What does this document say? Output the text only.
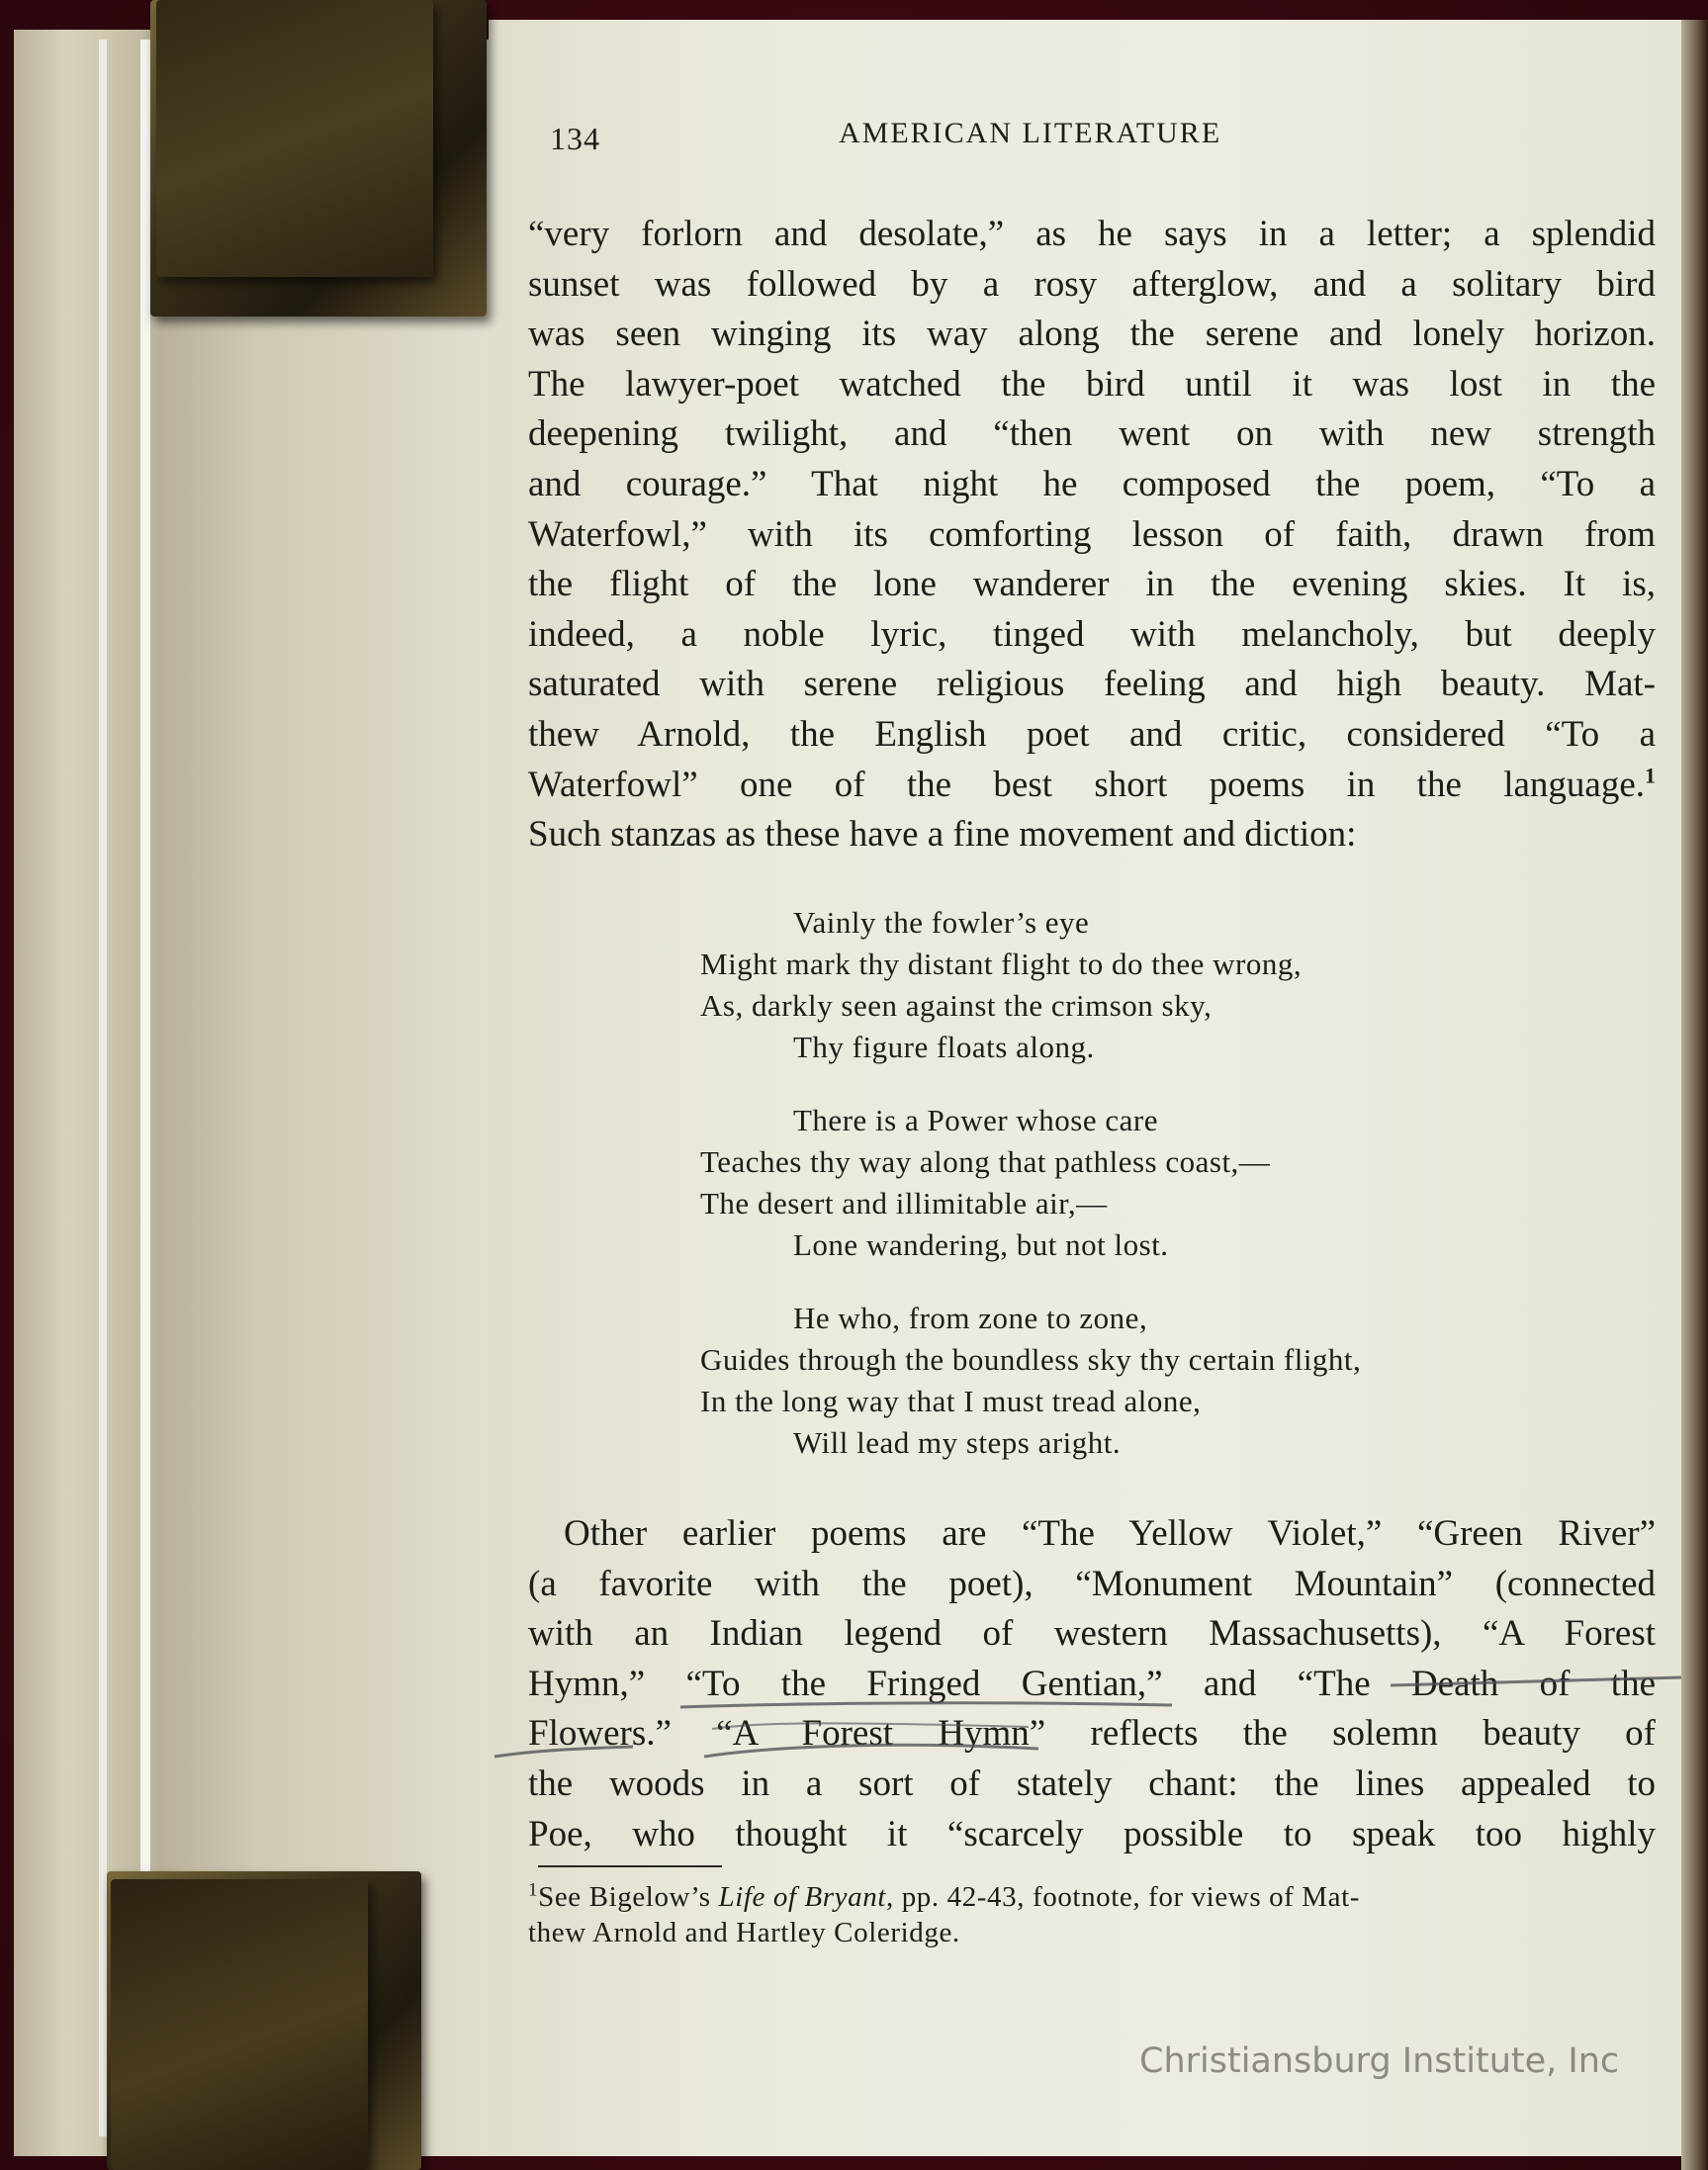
134	AMERICAN LITERATURE
“very forlorn and desolate,” as he says in a letter; a splendid
sunset was followed by a rosy afterglow, and a solitary bird
was seen winging its way along the serene and lonely horizon.
The lawyer-poet watched the bird until it was lost in the
deepening twilight, and “then went on with new strength
and courage.” That night he composed the poem, “To a
Waterfowl,” with its comforting lesson of faith, drawn from
the flight of the lone wanderer in the evening skies. It is,
indeed, a noble lyric, tinged with melancholy, but deeply
saturated with serene religious feeling and high beauty. Mat-
thew Arnold, the English poet and critic, considered “To a
Waterfowl” one of the best short poems in the language.$^1$
Such stanzas as these have a fine movement and diction:
Vainly the fowler’s eye
Might mark thy distant flight to do thee wrong,
As, darkly seen against the crimson sky,
Thy figure floats along.
There is a Power whose care
Teaches thy way along that pathless coast,—
The desert and illimitable air,—
Lone wandering, but not lost.
He who, from zone to zone,
Guides through the boundless sky thy certain flight,
In the long way that I must tread alone,
Will lead my steps aright.
Other earlier poems are “The Yellow Violet,” “Green River”
(a favorite with the poet), “Monument Mountain” (connected
with an Indian legend of western Massachusetts), “A Forest
Hymn,” “To the Fringed Gentian,” and “The Death of the
Flowers.” “A Forest Hymn” reflects the solemn beauty of
the woods in a sort of stately chant: the lines appealed to
Poe, who thought it “scarcely possible to speak too highly
$^1$See Bigelow’s Life of Bryant, pp. 42-43, footnote, for views of Mat-
thew Arnold and Hartley Coleridge.
Christiansburg Institute, Inc
